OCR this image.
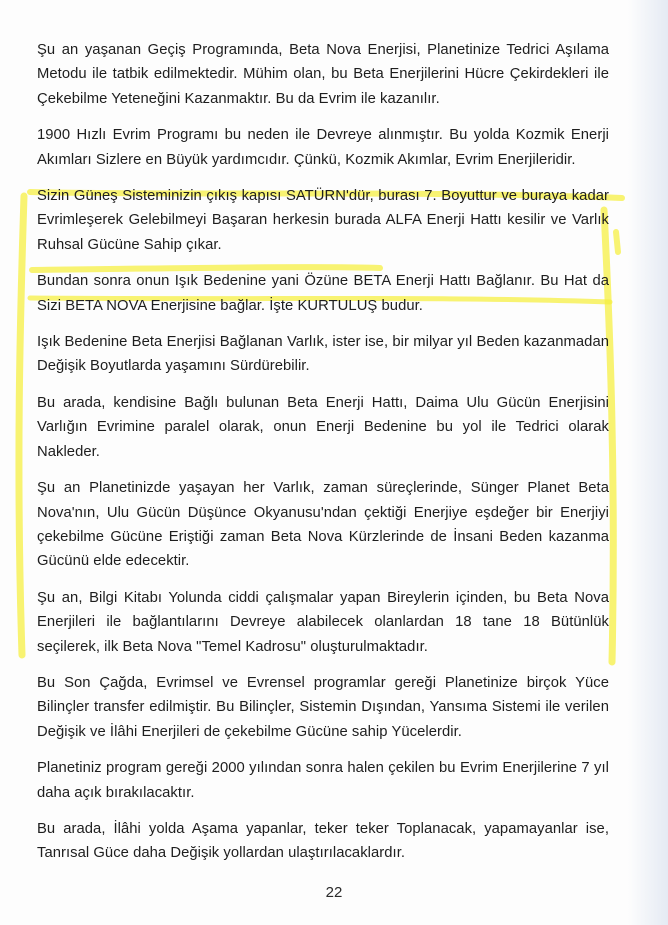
Şu an yaşanan Geçiş Programında, Beta Nova Enerjisi, Planetinize Tedrici Aşılama Metodu ile tatbik edilmektedir. Mühim olan, bu Beta Enerjilerini Hücre Çekirdekleri ile Çekebilme Yeteneğini Kazanmaktır. Bu da Evrim ile kazanılır.

1900 Hızlı Evrim Programı bu neden ile Devreye alınmıştır. Bu yolda Kozmik Enerji Akımları Sizlere en Büyük yardımcıdır. Çünkü, Kozmik Akımlar, Evrim Enerjileridir.

Sizin Güneş Sisteminizin çıkış kapısı SATÜRN'dür, burası 7. Boyuttur ve buraya kadar Evrimleşerek Gelebilmeyi Başaran herkesin burada ALFA Enerji Hattı kesilir ve Varlık Ruhsal Gücüne Sahip çıkar.

Bundan sonra onun Işık Bedenine yani Özüne BETA Enerji Hattı Bağlanır. Bu Hat da Sizi BETA NOVA Enerjisine bağlar. İşte KURTULUŞ budur.

Işık Bedenine Beta Enerjisi Bağlanan Varlık, ister ise, bir milyar yıl Beden kazanmadan Değişik Boyutlarda yaşamını Sürdürebilir.

Bu arada, kendisine Bağlı bulunan Beta Enerji Hattı, Daima Ulu Gücün Enerjisini Varlığın Evrimine paralel olarak, onun Enerji Bedenine bu yol ile Tedrici olarak Nakleder.

Şu an Planetinizde yaşayan her Varlık, zaman süreçlerinde, Sünger Planet Beta Nova'nın, Ulu Gücün Düşünce Okyanusu'ndan çektiği Enerjiye eşdeğer bir Enerjiyi çekebilme Gücüne Eriştiği zaman Beta Nova Kürzlerinde de İnsani Beden kazanma Gücünü elde edecektir.

Şu an, Bilgi Kitabı Yolunda ciddi çalışmalar yapan Bireylerin içinden, bu Beta Nova Enerjileri ile bağlantılarını Devreye alabilecek olanlardan 18 tane 18 Bütünlük seçilerek, ilk Beta Nova "Temel Kadrosu" oluşturulmaktadır.

Bu Son Çağda, Evrimsel ve Evrensel programlar gereği Planetinize birçok Yüce Bilinçler transfer edilmiştir. Bu Bilinçler, Sistemin Dışından, Yansıma Sistemi ile verilen Değişik ve İlâhi Enerjileri de çekebilme Gücüne sahip Yücelerdir.

Planetiniz program gereği 2000 yılından sonra halen çekilen bu Evrim Enerjilerine 7 yıl daha açık bırakılacaktır.

Bu arada, İlâhi yolda Aşama yapanlar, teker teker Toplanacak, yapamayanlar ise, Tanrısal Güce daha Değişik yollardan ulaştırılacaklardır.

22
